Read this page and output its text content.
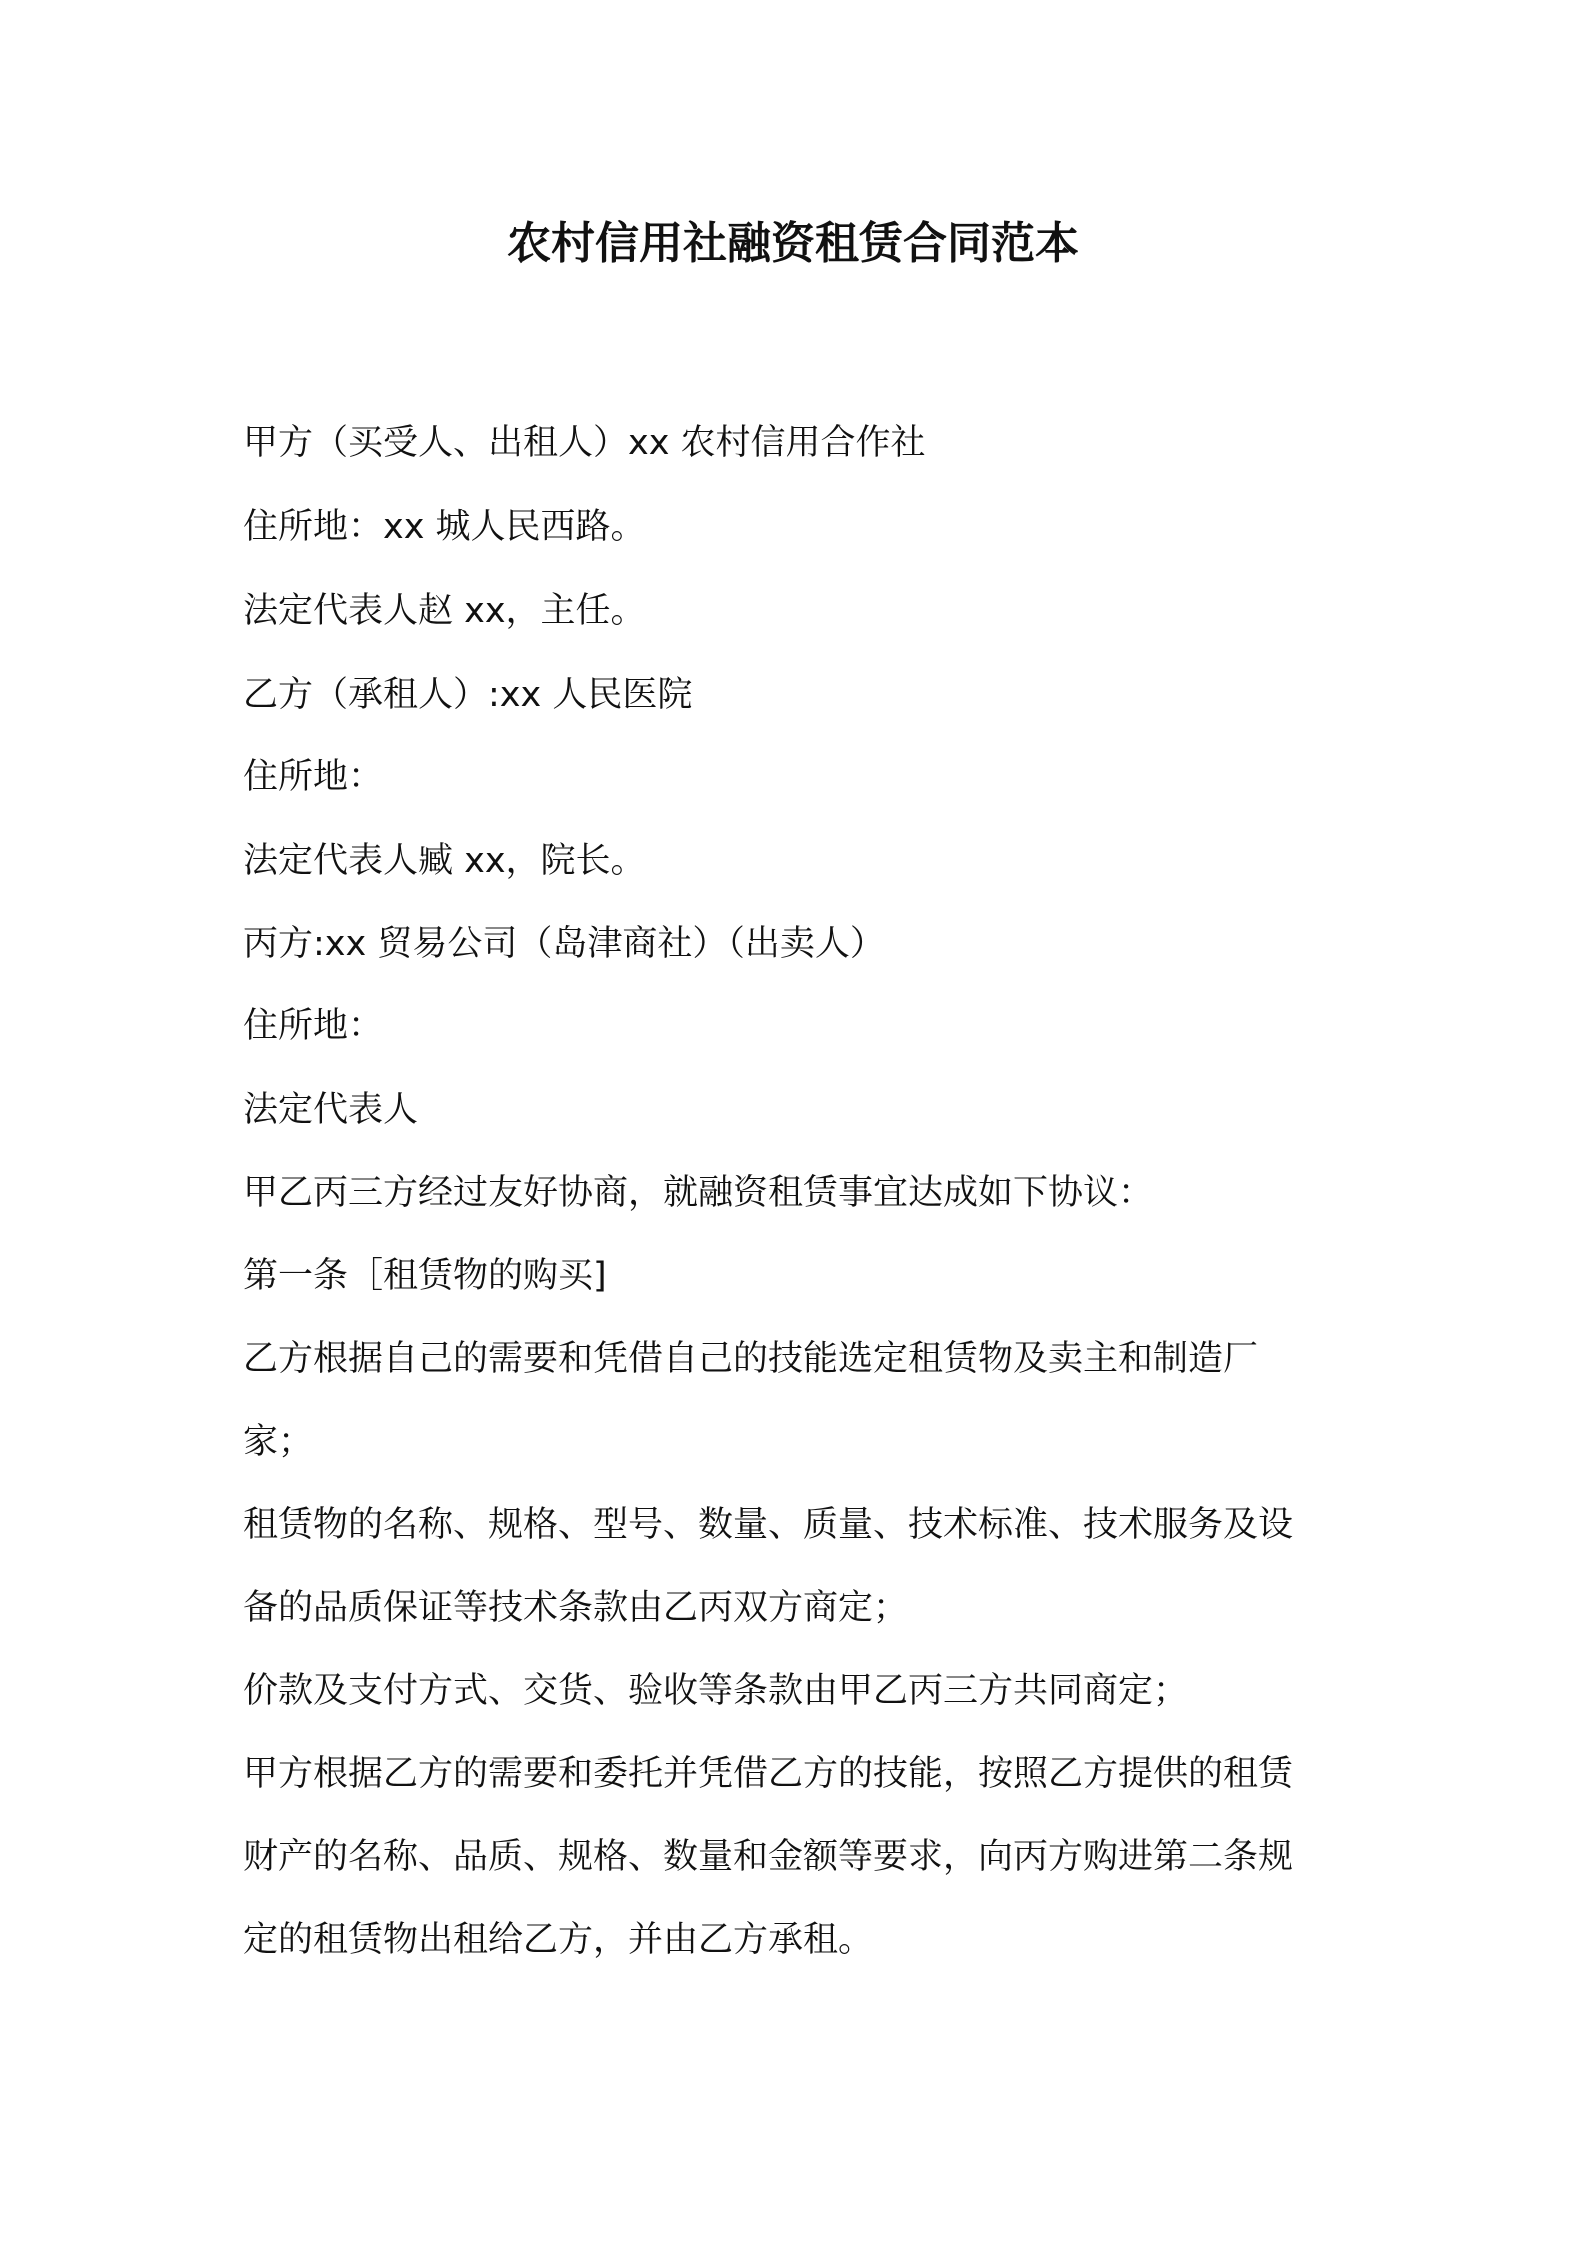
农村信用社融资租赁合同范本
甲方（买受人、出租人）xx 农村信用合作社
住所地：xx 城人民西路。
法定代表人赵 xx，主任。
乙方（承租人）:xx 人民医院
住所地：
法定代表人臧 xx，院长。
丙方:xx 贸易公司（岛津商社）（出卖人）
住所地：
法定代表人
甲乙丙三方经过友好协商，就融资租赁事宜达成如下协议：
第一条［租赁物的购买]
乙方根据自己的需要和凭借自己的技能选定租赁物及卖主和制造厂
家；
租赁物的名称、规格、型号、数量、质量、技术标准、技术服务及设
备的品质保证等技术条款由乙丙双方商定；
价款及支付方式、交货、验收等条款由甲乙丙三方共同商定；
甲方根据乙方的需要和委托并凭借乙方的技能，按照乙方提供的租赁
财产的名称、品质、规格、数量和金额等要求，向丙方购进第二条规
定的租赁物出租给乙方，并由乙方承租。
